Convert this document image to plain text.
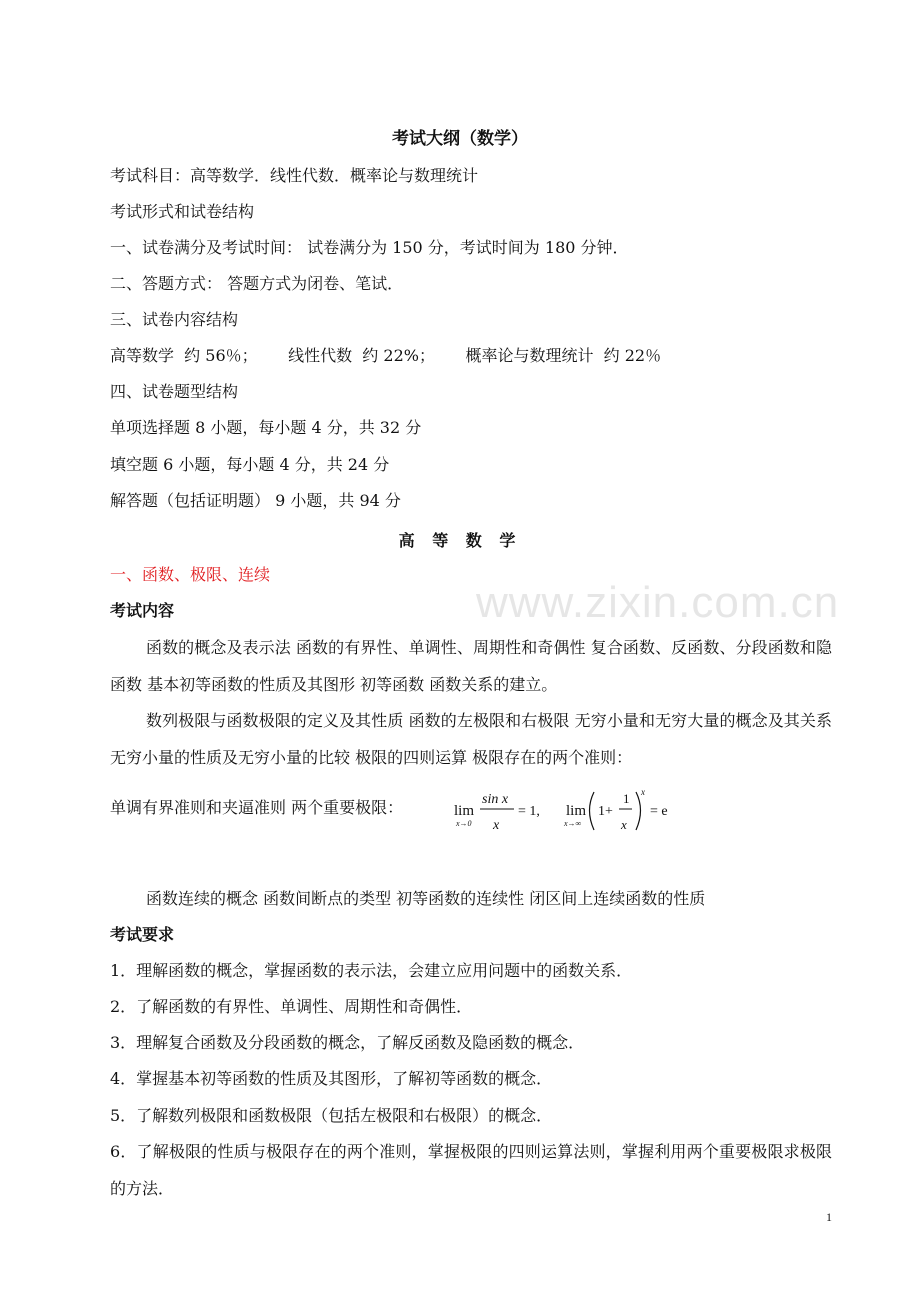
www.zixin.com.cn
考试大纲（数学）
考试科目：高等数学．线性代数．概率论与数理统计
考试形式和试卷结构
一、试卷满分及考试时间： 试卷满分为 150 分，考试时间为 180 分钟．
二、答题方式： 答题方式为闭卷、笔试．
三、试卷内容结构
高等数学  约 56％；      线性代数  约 22%；      概率论与数理统计  约 22％
四、试卷题型结构
单项选择题 8 小题，每小题 4 分，共 32 分
填空题 6 小题，每小题 4 分，共 24 分
解答题（包括证明题） 9 小题，共 94 分
高 等 数 学
一、函数、极限、连续
考试内容
函数的概念及表示法 函数的有界性、单调性、周期性和奇偶性 复合函数、反函数、分段函数和隐函数 基本初等函数的性质及其图形 初等函数 函数关系的建立。
数列极限与函数极限的定义及其性质 函数的左极限和右极限 无穷小量和无穷大量的概念及其关系 无穷小量的性质及无穷小量的比较 极限的四则运算 极限存在的两个准则：
单调有界准则和夹逼准则 两个重要极限：	lim
x→0
sin x
x
= 1, lim
x→∞
1+
1
x
x
= e
函数连续的概念 函数间断点的类型 初等函数的连续性 闭区间上连续函数的性质
考试要求
1．理解函数的概念，掌握函数的表示法，会建立应用问题中的函数关系．
2．了解函数的有界性、单调性、周期性和奇偶性．
3．理解复合函数及分段函数的概念，了解反函数及隐函数的概念．
4．掌握基本初等函数的性质及其图形，了解初等函数的概念．
5．了解数列极限和函数极限（包括左极限和右极限）的概念．
6．了解极限的性质与极限存在的两个准则，掌握极限的四则运算法则，掌握利用两个重要极限求极限的方法．
1
